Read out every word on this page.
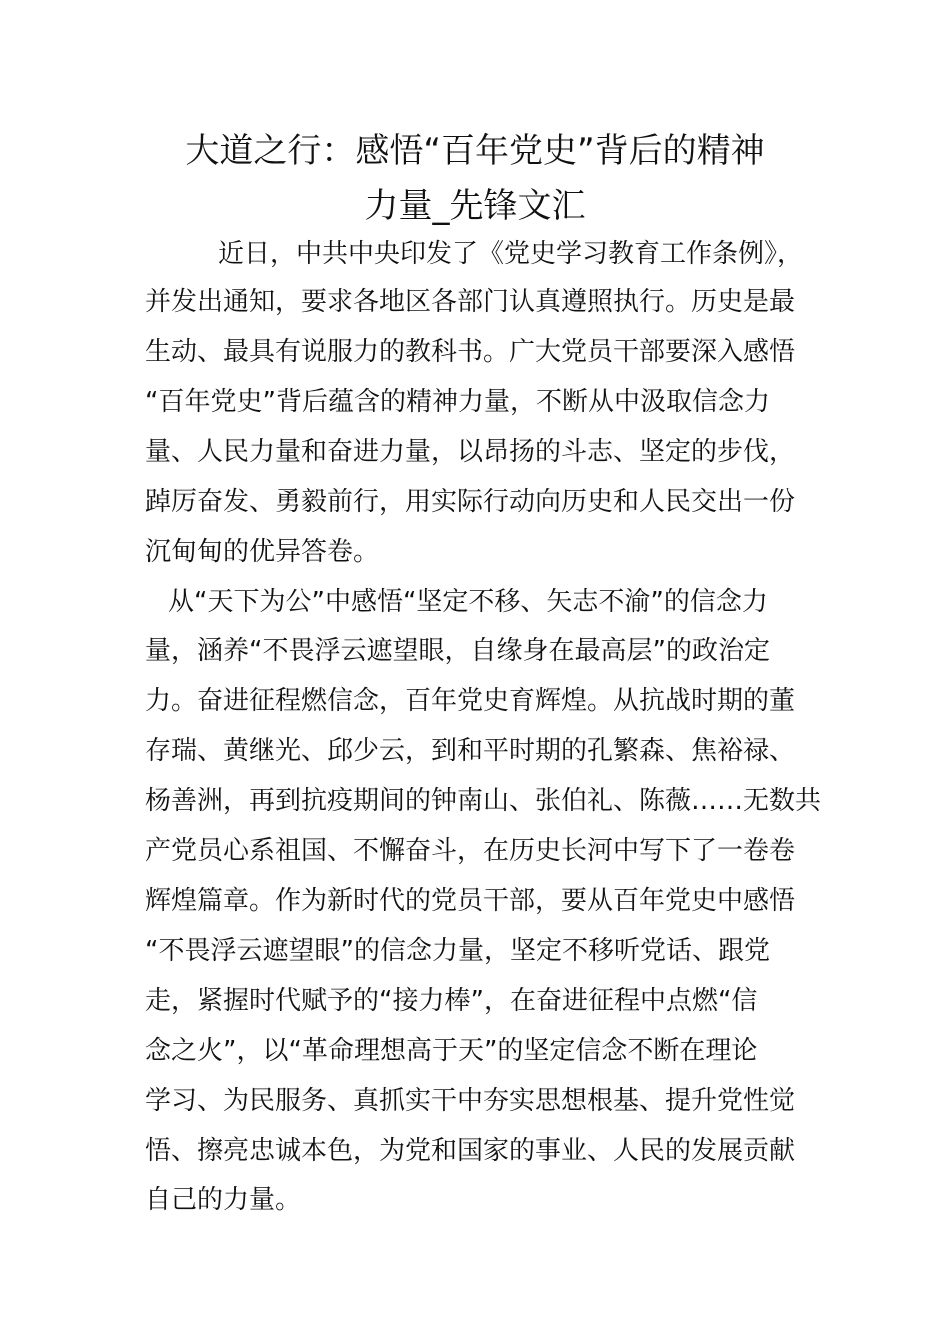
大道之行：感悟“百年党史”背后的精神
力量_先锋文汇

近日，中共中央印发了《党史学习教育工作条例》，

并发出通知，要求各地区各部门认真遵照执行。历史是最

生动、最具有说服力的教科书。广大党员干部要深入感悟

“百年党史”背后蕴含的精神力量，不断从中汲取信念力

量、人民力量和奋进力量，以昂扬的斗志、坚定的步伐，

踔厉奋发、勇毅前行，用实际行动向历史和人民交出一份

沉甸甸的优异答卷。

从“天下为公”中感悟“坚定不移、矢志不渝”的信念力

量，涵养“不畏浮云遮望眼，自缘身在最高层”的政治定

力。奋进征程燃信念，百年党史育辉煌。从抗战时期的董

存瑞、黄继光、邱少云，到和平时期的孔繁森、焦裕禄、

杨善洲，再到抗疫期间的钟南山、张伯礼、陈薇……无数共

产党员心系祖国、不懈奋斗，在历史长河中写下了一卷卷

辉煌篇章。作为新时代的党员干部，要从百年党史中感悟

“不畏浮云遮望眼”的信念力量，坚定不移听党话、跟党

走，紧握时代赋予的“接力棒”，在奋进征程中点燃“信

念之火”，以“革命理想高于天”的坚定信念不断在理论

学习、为民服务、真抓实干中夯实思想根基、提升党性觉

悟、擦亮忠诚本色，为党和国家的事业、人民的发展贡献

自己的力量。
